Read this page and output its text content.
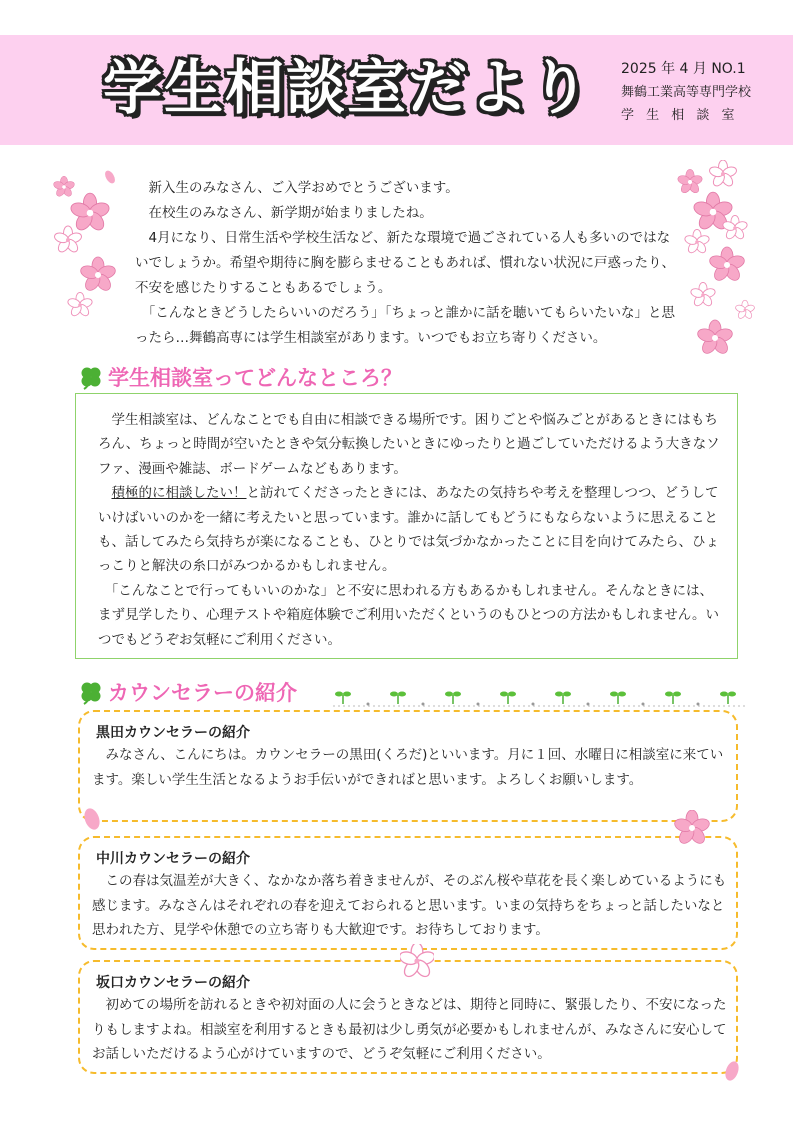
学生相談室だより 2025 年 4 月 NO.1
舞鶴工業高等専門学校
学 生 相 談 室
　新入生のみなさん、ご入学おめでとうございます。
　在校生のみなさん、新学期が始まりましたね。
　4月になり、日常生活や学校生活など、新たな環境で過ごされている人も多いのではないでしょうか。希望や期待に胸を膨らませることもあれば、慣れない状況に戸惑ったり、不安を感じたりすることもあるでしょう。
　「こんなときどうしたらいいのだろう」「ちょっと誰かに話を聴いてもらいたいな」と思ったら…舞鶴高専には学生相談室があります。いつでもお立ち寄りください。
学生相談室ってどんなところ？
　学生相談室は、どんなことでも自由に相談できる場所です。困りごとや悩みごとがあるときにはもちろん、ちょっと時間が空いたときや気分転換したいときにゆったりと過ごしていただけるよう大きなソファ、漫画や雑誌、ボードゲームなどもあります。
　積極的に相談したい！と訪れてくださったときには、あなたの気持ちや考えを整理しつつ、どうしていけばいいのかを一緒に考えたいと思っています。誰かに話してもどうにもならないように思えることも、話してみたら気持ちが楽になることも、ひとりでは気づかなかったことに目を向けてみたら、ひょっこりと解決の糸口がみつかるかもしれません。
　「こんなことで行ってもいいのかな」と不安に思われる方もあるかもしれません。そんなときには、まず見学したり、心理テストや箱庭体験でご利用いただくというのもひとつの方法かもしれません。いつでもどうぞお気軽にご利用ください。
カウンセラーの紹介
黒田カウンセラーの紹介
　みなさん、こんにちは。カウンセラーの黒田(くろだ)といいます。月に１回、水曜日に相談室に来ています。楽しい学生生活となるようお手伝いができればと思います。よろしくお願いします。
中川カウンセラーの紹介
　この春は気温差が大きく、なかなか落ち着きませんが、そのぶん桜や草花を長く楽しめているようにも感じます。みなさんはそれぞれの春を迎えておられると思います。いまの気持ちをちょっと話したいなと思われた方、見学や休憩での立ち寄りも大歓迎です。お待ちしております。
坂口カウンセラーの紹介
　初めての場所を訪れるときや初対面の人に会うときなどは、期待と同時に、緊張したり、不安になったりもしますよね。相談室を利用するときも最初は少し勇気が必要かもしれませんが、みなさんに安心してお話しいただけるよう心がけていますので、どうぞ気軽にご利用ください。
